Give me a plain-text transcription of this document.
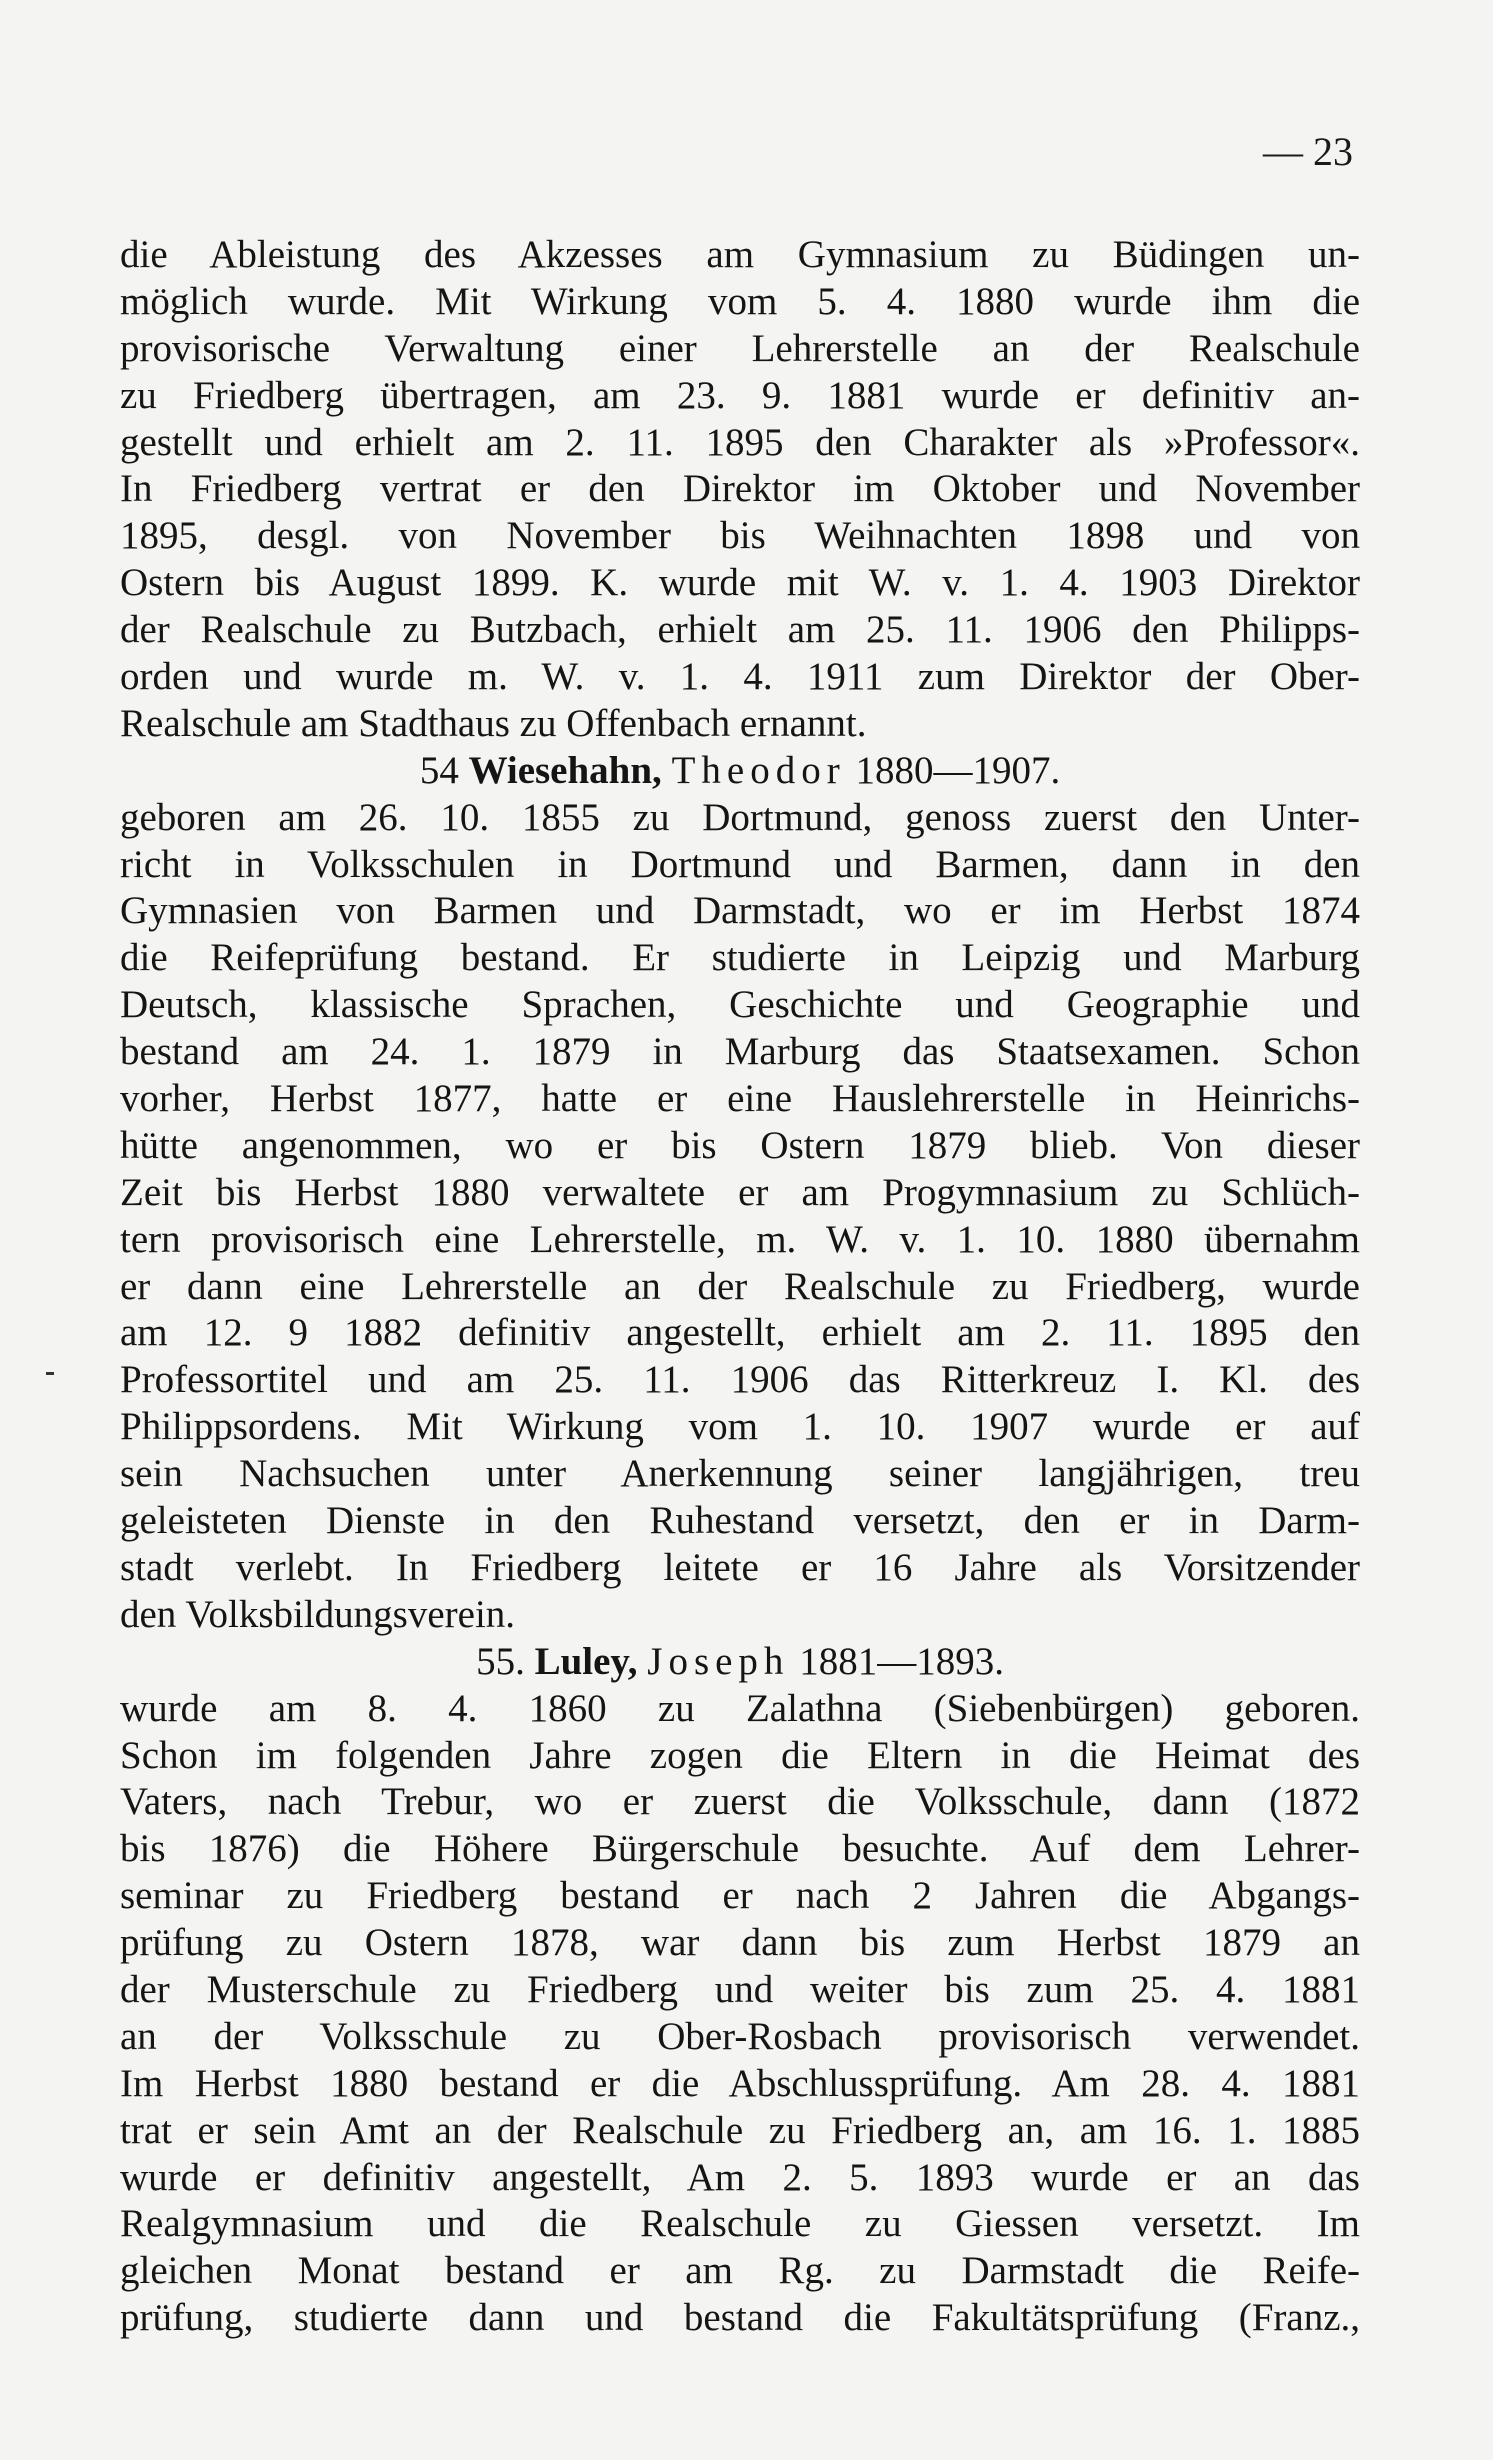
— 23
die Ableistung des Akzesses am Gymnasium zu Büdingen un-
möglich wurde. Mit Wirkung vom 5. 4. 1880 wurde ihm die
provisorische Verwaltung einer Lehrerstelle an der Realschule
zu Friedberg übertragen, am 23. 9. 1881 wurde er definitiv an-
gestellt und erhielt am 2. 11. 1895 den Charakter als »Professor«.
In Friedberg vertrat er den Direktor im Oktober und November
1895, desgl. von November bis Weihnachten 1898 und von
Ostern bis August 1899. K. wurde mit W. v. 1. 4. 1903 Direktor
der Realschule zu Butzbach, erhielt am 25. 11. 1906 den Philipps-
orden und wurde m. W. v. 1. 4. 1911 zum Direktor der Ober-
Realschule am Stadthaus zu Offenbach ernannt.
54 Wiesehahn, Theodor 1880—1907.
geboren am 26. 10. 1855 zu Dortmund, genoss zuerst den Unter-
richt in Volksschulen in Dortmund und Barmen, dann in den
Gymnasien von Barmen und Darmstadt, wo er im Herbst 1874
die Reifeprüfung bestand. Er studierte in Leipzig und Marburg
Deutsch, klassische Sprachen, Geschichte und Geographie und
bestand am 24. 1. 1879 in Marburg das Staatsexamen. Schon
vorher, Herbst 1877, hatte er eine Hauslehrerstelle in Heinrichs-
hütte angenommen, wo er bis Ostern 1879 blieb. Von dieser
Zeit bis Herbst 1880 verwaltete er am Progymnasium zu Schlüch-
tern provisorisch eine Lehrerstelle, m. W. v. 1. 10. 1880 übernahm
er dann eine Lehrerstelle an der Realschule zu Friedberg, wurde
am 12. 9 1882 definitiv angestellt, erhielt am 2. 11. 1895 den
Professortitel und am 25. 11. 1906 das Ritterkreuz I. Kl. des
Philippsordens. Mit Wirkung vom 1. 10. 1907 wurde er auf
sein Nachsuchen unter Anerkennung seiner langjährigen, treu
geleisteten Dienste in den Ruhestand versetzt, den er in Darm-
stadt verlebt. In Friedberg leitete er 16 Jahre als Vorsitzender
den Volksbildungsverein.
55. Luley, Joseph 1881—1893.
wurde am 8. 4. 1860 zu Zalathna (Siebenbürgen) geboren.
Schon im folgenden Jahre zogen die Eltern in die Heimat des
Vaters, nach Trebur, wo er zuerst die Volksschule, dann (1872
bis 1876) die Höhere Bürgerschule besuchte. Auf dem Lehrer-
seminar zu Friedberg bestand er nach 2 Jahren die Abgangs-
prüfung zu Ostern 1878, war dann bis zum Herbst 1879 an
der Musterschule zu Friedberg und weiter bis zum 25. 4. 1881
an der Volksschule zu Ober-Rosbach provisorisch verwendet.
Im Herbst 1880 bestand er die Abschlussprüfung. Am 28. 4. 1881
trat er sein Amt an der Realschule zu Friedberg an, am 16. 1. 1885
wurde er definitiv angestellt, Am 2. 5. 1893 wurde er an das
Realgymnasium und die Realschule zu Giessen versetzt. Im
gleichen Monat bestand er am Rg. zu Darmstadt die Reife-
prüfung, studierte dann und bestand die Fakultätsprüfung (Franz.,
